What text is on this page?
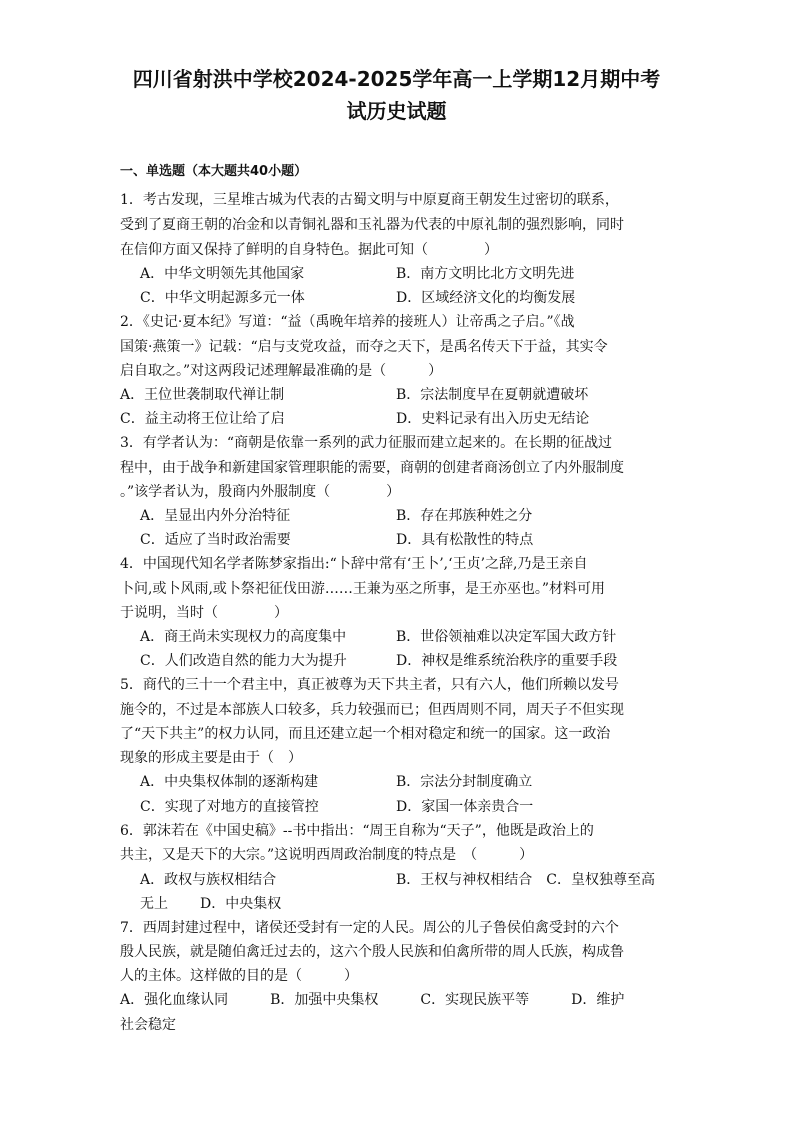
四川省射洪中学校2024-2025学年高一上学期12月期中考
试历史试题
一、单选题（本大题共40小题）
1．考古发现，三星堆古城为代表的古蜀文明与中原夏商王朝发生过密切的联系，
受到了夏商王朝的冶金和以青铜礼器和玉礼器为代表的中原礼制的强烈影响，同时
在信仰方面又保持了鲜明的自身特色。据此可知（　　　　）
A．中华文明领先其他国家	B．南方文明比北方文明先进
C．中华文明起源多元一体	D．区域经济文化的均衡发展
2．《史记·夏本纪》写道：“益（禹晚年培养的接班人）让帝禹之子启。”《战
国策·燕策一》记载：“启与支党攻益，而夺之天下，是禹名传天下于益，其实令
启自取之。”对这两段记述理解最准确的是（　　　）
A．王位世袭制取代禅让制	B．宗法制度早在夏朝就遭破坏
C．益主动将王位让给了启	D．史料记录有出入历史无结论
3．有学者认为：“商朝是依靠一系列的武力征服而建立起来的。在长期的征战过
程中，由于战争和新建国家管理职能的需要，商朝的创建者商汤创立了内外服制度
。”该学者认为，殷商内外服制度（　　　　）
A．呈显出内外分治特征	B．存在邦族种姓之分
C．适应了当时政治需要	D．具有松散性的特点
4．中国现代知名学者陈梦家指出:“卜辞中常有‘王卜’,‘王贞’之辞,乃是王亲自
卜问,或卜风雨,或卜祭祀征伐田游……王兼为巫之所事，是王亦巫也。”材料可用
于说明，当时（　　　　）
A．商王尚未实现权力的高度集中	B．世俗领袖难以决定军国大政方针
C．人们改造自然的能力大为提升	D．神权是维系统治秩序的重要手段
5．商代的三十一个君主中，真正被尊为天下共主者，只有六人，他们所赖以发号
施令的，不过是本部族人口较多，兵力较强而已；但西周则不同，周天子不但实现
了“天下共主”的权力认同，而且还建立起一个相对稳定和统一的国家。这一政治
现象的形成主要是由于（　）
A．中央集权体制的逐渐构建	B．宗法分封制度确立
C．实现了对地方的直接管控	D．家国一体亲贵合一
6．郭沫若在《中国史稿》--书中指出：“周王自称为“天子”，他既是政治上的
共主，又是天下的大宗。”这说明西周政治制度的特点是　（　　　）
A．政权与族权相结合	B．王权与神权相结合　C．皇权独尊至高
无上 D．中央集权
7．西周封建过程中，诸侯还受封有一定的人民。周公的儿子鲁侯伯禽受封的六个
殷人民族，就是随伯禽迁过去的，这六个殷人民族和伯禽所带的周人氏族，构成鲁
人的主体。这样做的目的是（　　　）
A．强化血缘认同　　　B．加强中央集权　　　C．实现民族平等　　　D．维护
社会稳定
